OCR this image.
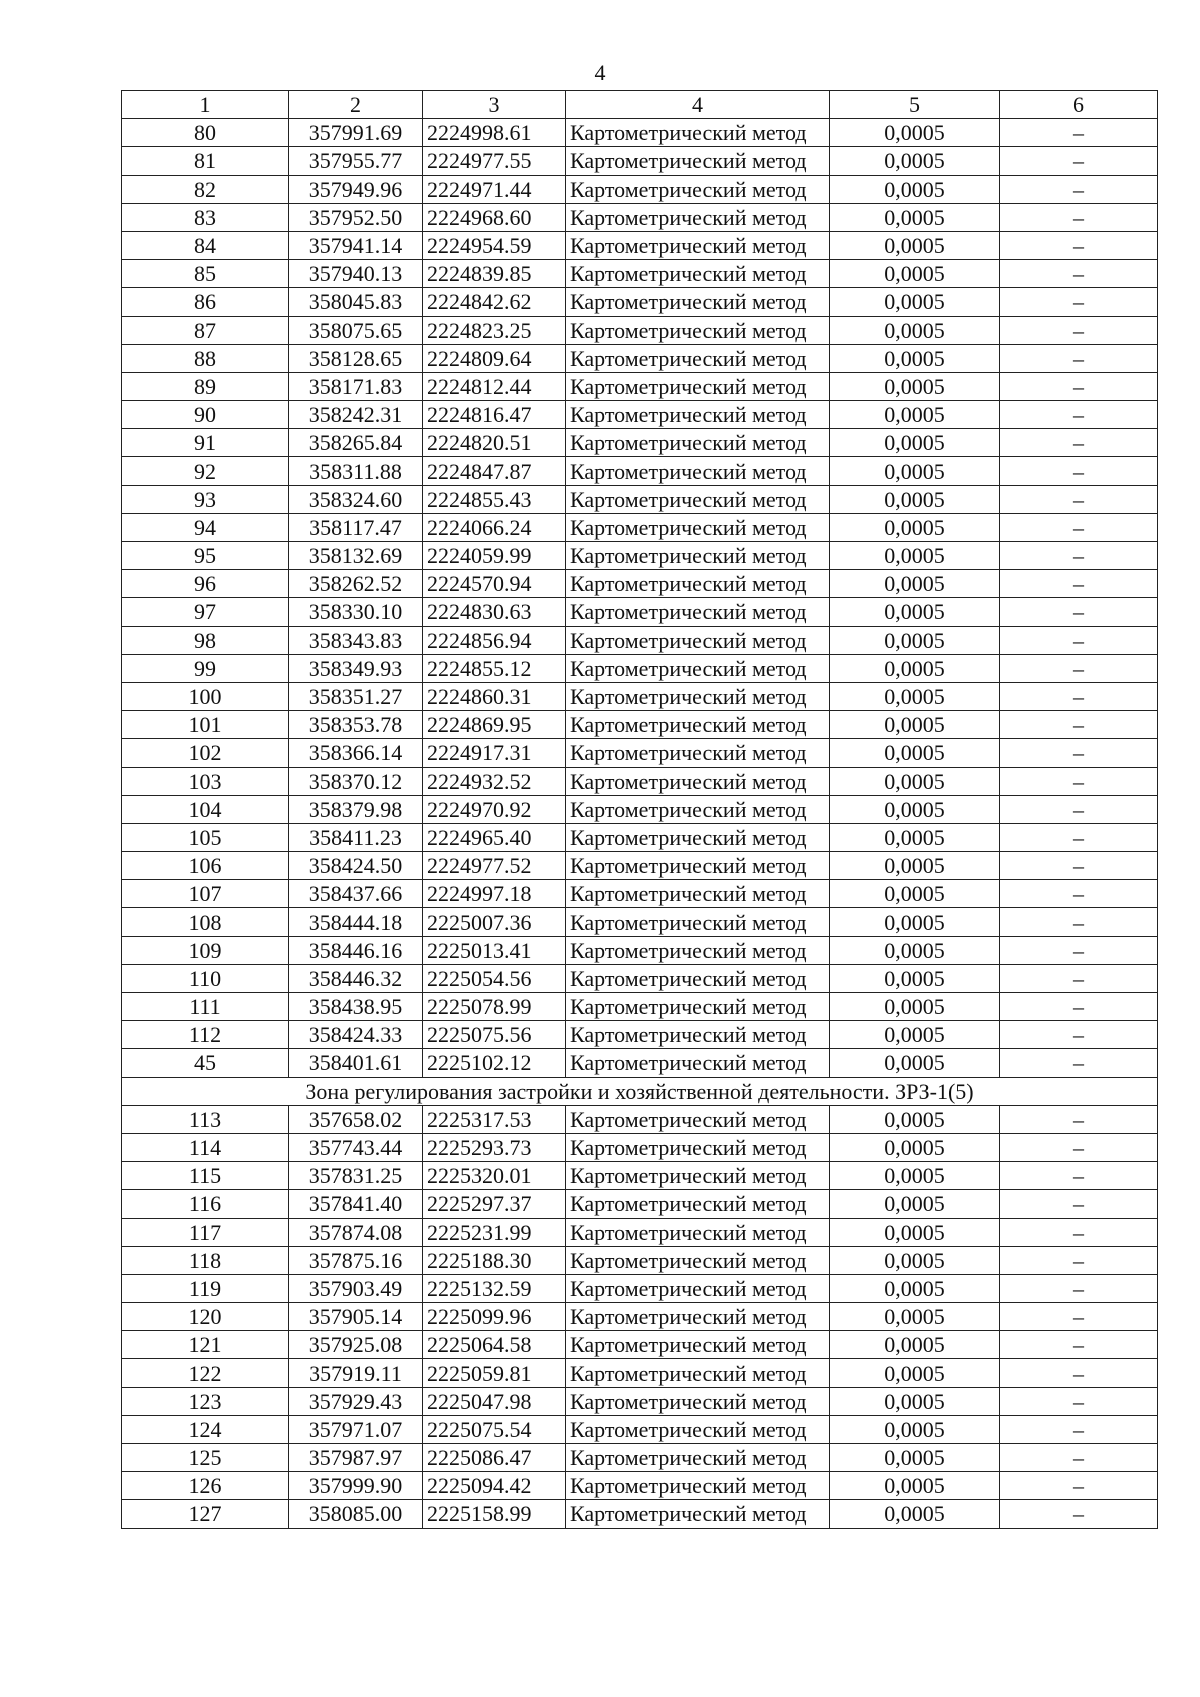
4
1	2	3	4	5	6
80	357991.69	2224998.61	Картометрический метод	0,0005	–
81	357955.77	2224977.55	Картометрический метод	0,0005	–
82	357949.96	2224971.44	Картометрический метод	0,0005	–
83	357952.50	2224968.60	Картометрический метод	0,0005	–
84	357941.14	2224954.59	Картометрический метод	0,0005	–
85	357940.13	2224839.85	Картометрический метод	0,0005	–
86	358045.83	2224842.62	Картометрический метод	0,0005	–
87	358075.65	2224823.25	Картометрический метод	0,0005	–
88	358128.65	2224809.64	Картометрический метод	0,0005	–
89	358171.83	2224812.44	Картометрический метод	0,0005	–
90	358242.31	2224816.47	Картометрический метод	0,0005	–
91	358265.84	2224820.51	Картометрический метод	0,0005	–
92	358311.88	2224847.87	Картометрический метод	0,0005	–
93	358324.60	2224855.43	Картометрический метод	0,0005	–
94	358117.47	2224066.24	Картометрический метод	0,0005	–
95	358132.69	2224059.99	Картометрический метод	0,0005	–
96	358262.52	2224570.94	Картометрический метод	0,0005	–
97	358330.10	2224830.63	Картометрический метод	0,0005	–
98	358343.83	2224856.94	Картометрический метод	0,0005	–
99	358349.93	2224855.12	Картометрический метод	0,0005	–
100	358351.27	2224860.31	Картометрический метод	0,0005	–
101	358353.78	2224869.95	Картометрический метод	0,0005	–
102	358366.14	2224917.31	Картометрический метод	0,0005	–
103	358370.12	2224932.52	Картометрический метод	0,0005	–
104	358379.98	2224970.92	Картометрический метод	0,0005	–
105	358411.23	2224965.40	Картометрический метод	0,0005	–
106	358424.50	2224977.52	Картометрический метод	0,0005	–
107	358437.66	2224997.18	Картометрический метод	0,0005	–
108	358444.18	2225007.36	Картометрический метод	0,0005	–
109	358446.16	2225013.41	Картометрический метод	0,0005	–
110	358446.32	2225054.56	Картометрический метод	0,0005	–
111	358438.95	2225078.99	Картометрический метод	0,0005	–
112	358424.33	2225075.56	Картометрический метод	0,0005	–
45	358401.61	2225102.12	Картометрический метод	0,0005	–
Зона регулирования застройки и хозяйственной деятельности. ЗРЗ-1(5)					
113	357658.02	2225317.53	Картометрический метод	0,0005	–
114	357743.44	2225293.73	Картометрический метод	0,0005	–
115	357831.25	2225320.01	Картометрический метод	0,0005	–
116	357841.40	2225297.37	Картометрический метод	0,0005	–
117	357874.08	2225231.99	Картометрический метод	0,0005	–
118	357875.16	2225188.30	Картометрический метод	0,0005	–
119	357903.49	2225132.59	Картометрический метод	0,0005	–
120	357905.14	2225099.96	Картометрический метод	0,0005	–
121	357925.08	2225064.58	Картометрический метод	0,0005	–
122	357919.11	2225059.81	Картометрический метод	0,0005	–
123	357929.43	2225047.98	Картометрический метод	0,0005	–
124	357971.07	2225075.54	Картометрический метод	0,0005	–
125	357987.97	2225086.47	Картометрический метод	0,0005	–
126	357999.90	2225094.42	Картометрический метод	0,0005	–
127	358085.00	2225158.99	Картометрический метод	0,0005	–
